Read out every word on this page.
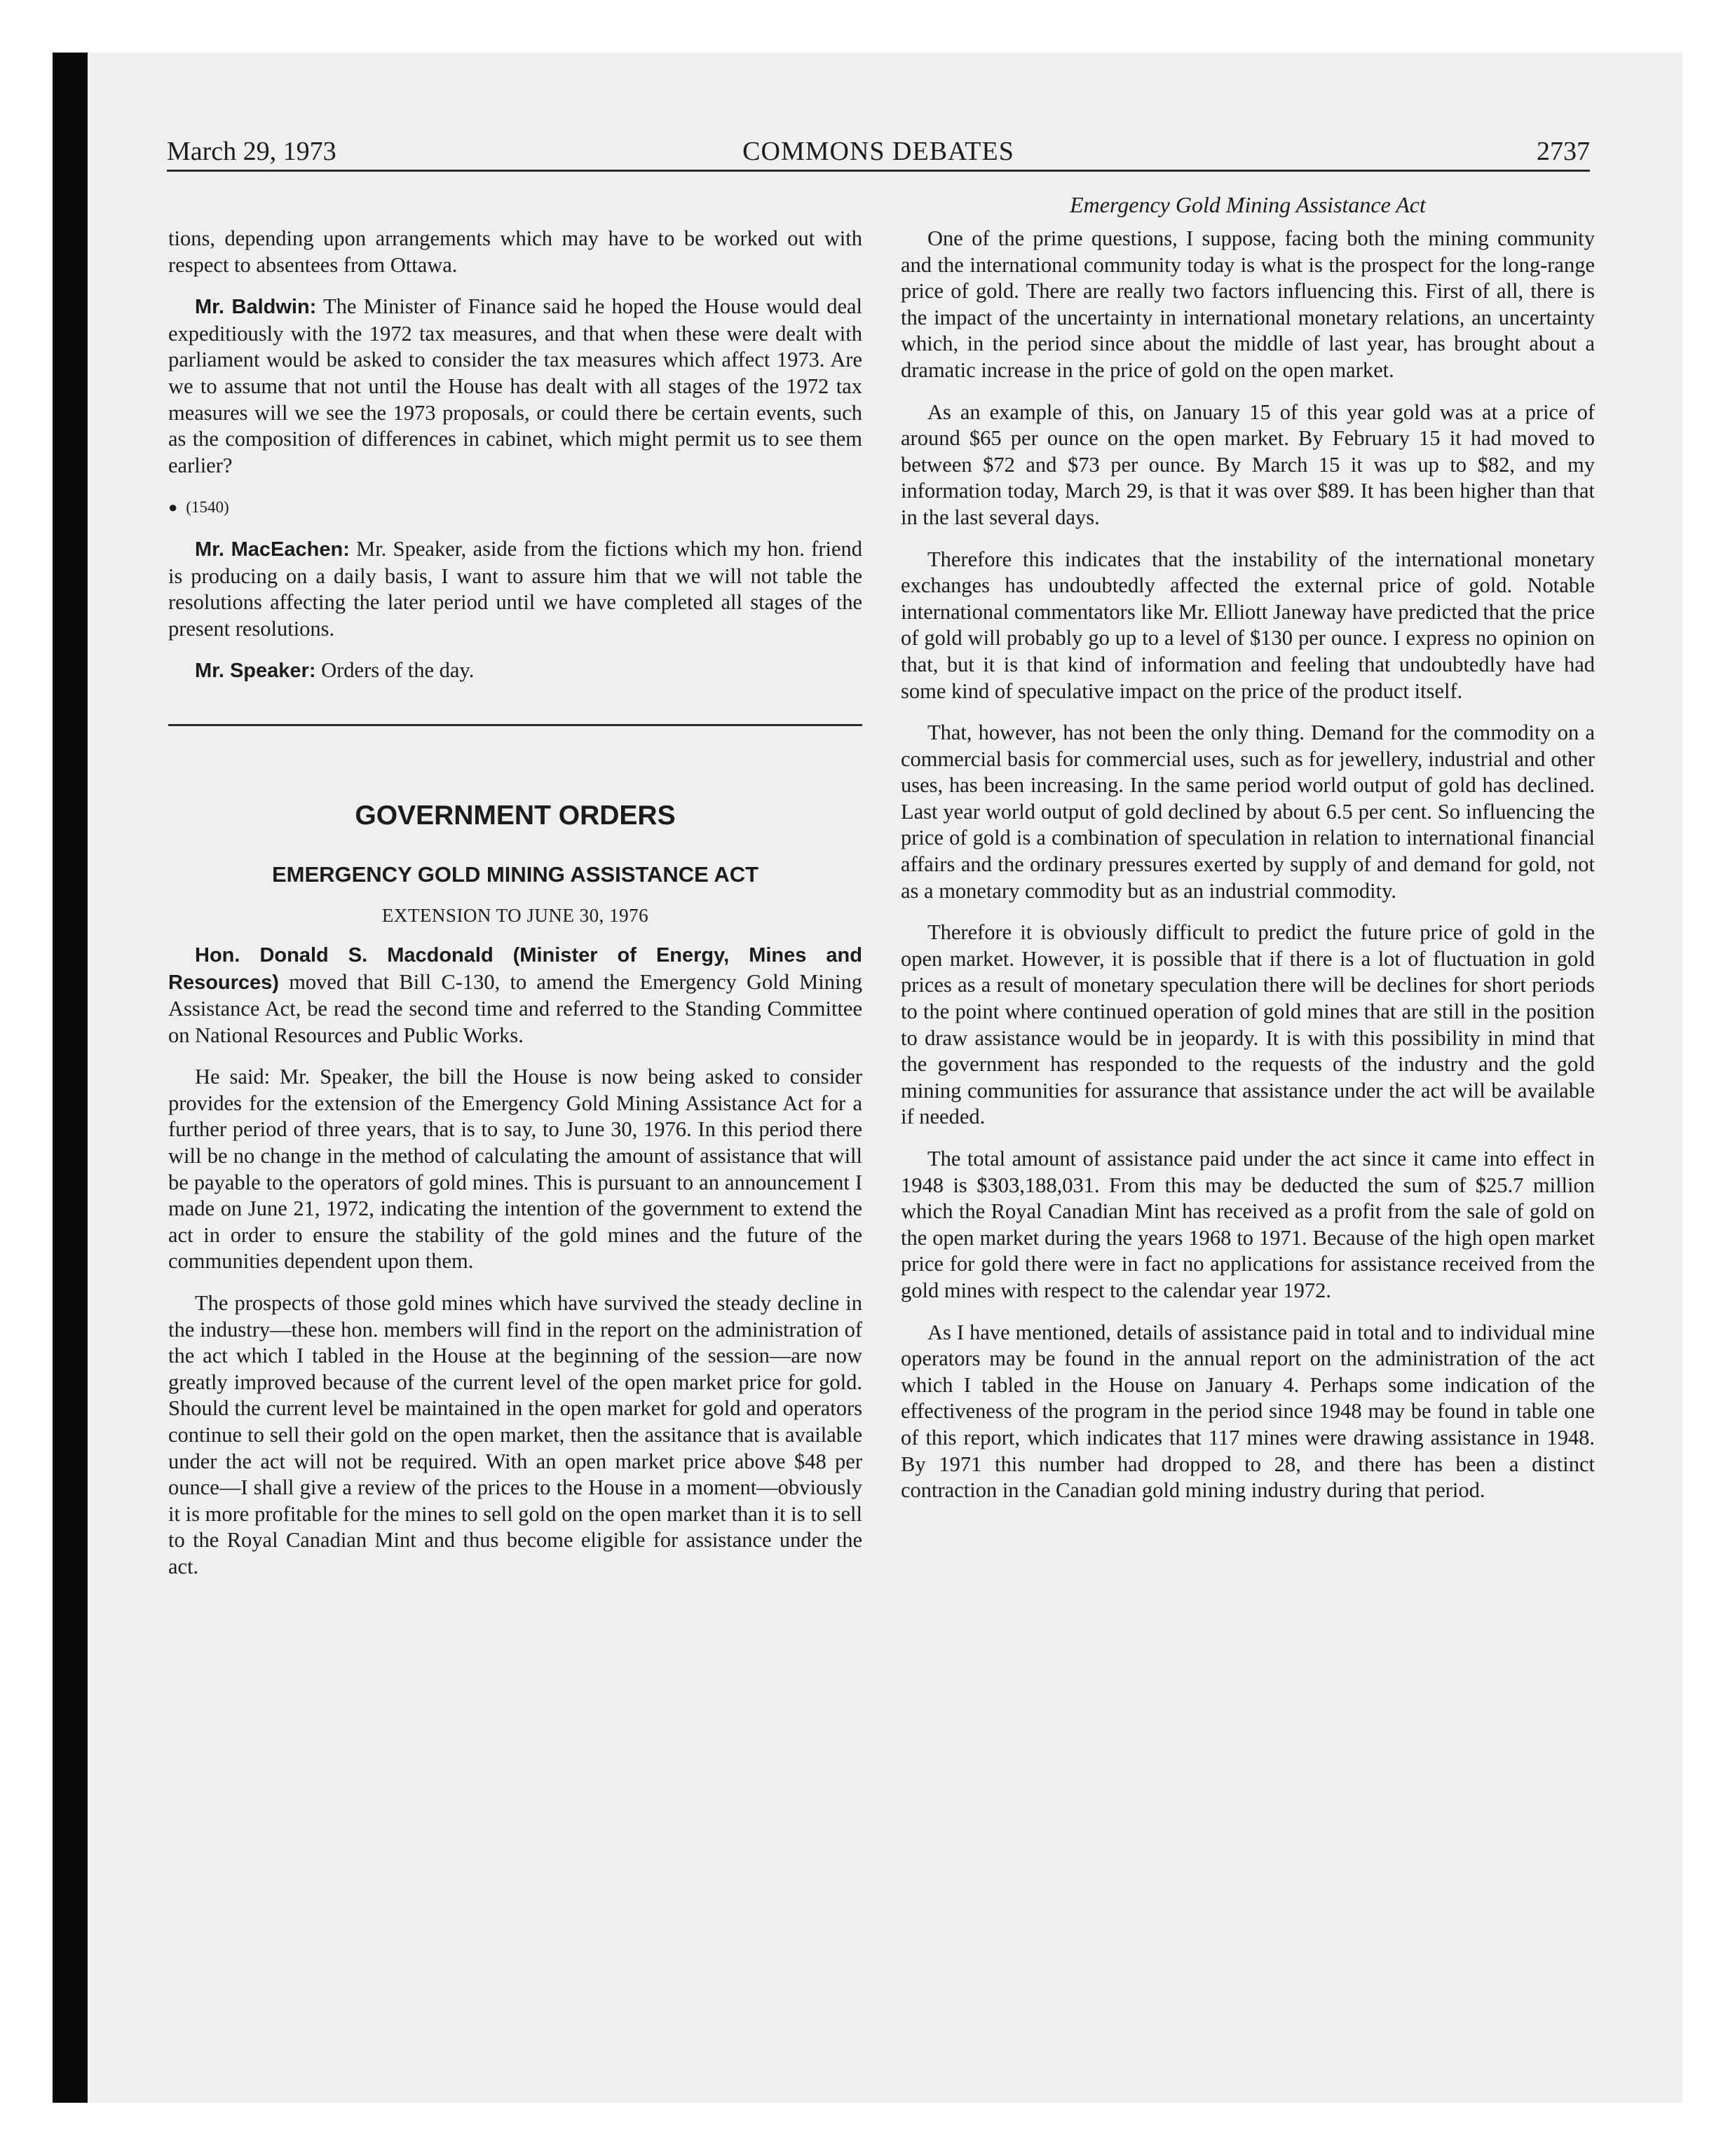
March 29, 1973	COMMONS DEBATES	2737

tions, depending upon arrangements which may have to be worked out with respect to absentees from Ottawa.

Mr. Baldwin: The Minister of Finance said he hoped the House would deal expeditiously with the 1972 tax measures, and that when these were dealt with parliament would be asked to consider the tax measures which affect 1973. Are we to assume that not until the House has dealt with all stages of the 1972 tax measures will we see the 1973 proposals, or could there be certain events, such as the composition of differences in cabinet, which might permit us to see them earlier?

● (1540)

Mr. MacEachen: Mr. Speaker, aside from the fictions which my hon. friend is producing on a daily basis, I want to assure him that we will not table the resolutions affecting the later period until we have completed all stages of the present resolutions.

Mr. Speaker: Orders of the day.

GOVERNMENT ORDERS
EMERGENCY GOLD MINING ASSISTANCE ACT
EXTENSION TO JUNE 30, 1976

Hon. Donald S. Macdonald (Minister of Energy, Mines and Resources) moved that Bill C-130, to amend the Emergency Gold Mining Assistance Act, be read the second time and referred to the Standing Committee on National Resources and Public Works.

He said: Mr. Speaker, the bill the House is now being asked to consider provides for the extension of the Emergency Gold Mining Assistance Act for a further period of three years, that is to say, to June 30, 1976. In this period there will be no change in the method of calculating the amount of assistance that will be payable to the operators of gold mines. This is pursuant to an announcement I made on June 21, 1972, indicating the intention of the government to extend the act in order to ensure the stability of the gold mines and the future of the communities dependent upon them.

The prospects of those gold mines which have survived the steady decline in the industry—these hon. members will find in the report on the administration of the act which I tabled in the House at the beginning of the session—are now greatly improved because of the current level of the open market price for gold. Should the current level be maintained in the open market for gold and operators continue to sell their gold on the open market, then the assitance that is available under the act will not be required. With an open market price above $48 per ounce—I shall give a review of the prices to the House in a moment—obviously it is more profitable for the mines to sell gold on the open market than it is to sell to the Royal Canadian Mint and thus become eligible for assistance under the act.

Emergency Gold Mining Assistance Act

One of the prime questions, I suppose, facing both the mining community and the international community today is what is the prospect for the long-range price of gold. There are really two factors influencing this. First of all, there is the impact of the uncertainty in international monetary relations, an uncertainty which, in the period since about the middle of last year, has brought about a dramatic increase in the price of gold on the open market.

As an example of this, on January 15 of this year gold was at a price of around $65 per ounce on the open market. By February 15 it had moved to between $72 and $73 per ounce. By March 15 it was up to $82, and my information today, March 29, is that it was over $89. It has been higher than that in the last several days.

Therefore this indicates that the instability of the international monetary exchanges has undoubtedly affected the external price of gold. Notable international commentators like Mr. Elliott Janeway have predicted that the price of gold will probably go up to a level of $130 per ounce. I express no opinion on that, but it is that kind of information and feeling that undoubtedly have had some kind of speculative impact on the price of the product itself.

That, however, has not been the only thing. Demand for the commodity on a commercial basis for commercial uses, such as for jewellery, industrial and other uses, has been increasing. In the same period world output of gold has declined. Last year world output of gold declined by about 6.5 per cent. So influencing the price of gold is a combination of speculation in relation to international financial affairs and the ordinary pressures exerted by supply of and demand for gold, not as a monetary commodity but as an industrial commodity.

Therefore it is obviously difficult to predict the future price of gold in the open market. However, it is possible that if there is a lot of fluctuation in gold prices as a result of monetary speculation there will be declines for short periods to the point where continued operation of gold mines that are still in the position to draw assistance would be in jeopardy. It is with this possibility in mind that the government has responded to the requests of the industry and the gold mining communities for assurance that assistance under the act will be available if needed.

The total amount of assistance paid under the act since it came into effect in 1948 is $303,188,031. From this may be deducted the sum of $25.7 million which the Royal Canadian Mint has received as a profit from the sale of gold on the open market during the years 1968 to 1971. Because of the high open market price for gold there were in fact no applications for assistance received from the gold mines with respect to the calendar year 1972.

As I have mentioned, details of assistance paid in total and to individual mine operators may be found in the annual report on the administration of the act which I tabled in the House on January 4. Perhaps some indication of the effectiveness of the program in the period since 1948 may be found in table one of this report, which indicates that 117 mines were drawing assistance in 1948. By 1971 this number had dropped to 28, and there has been a distinct contraction in the Canadian gold mining industry during that period.
